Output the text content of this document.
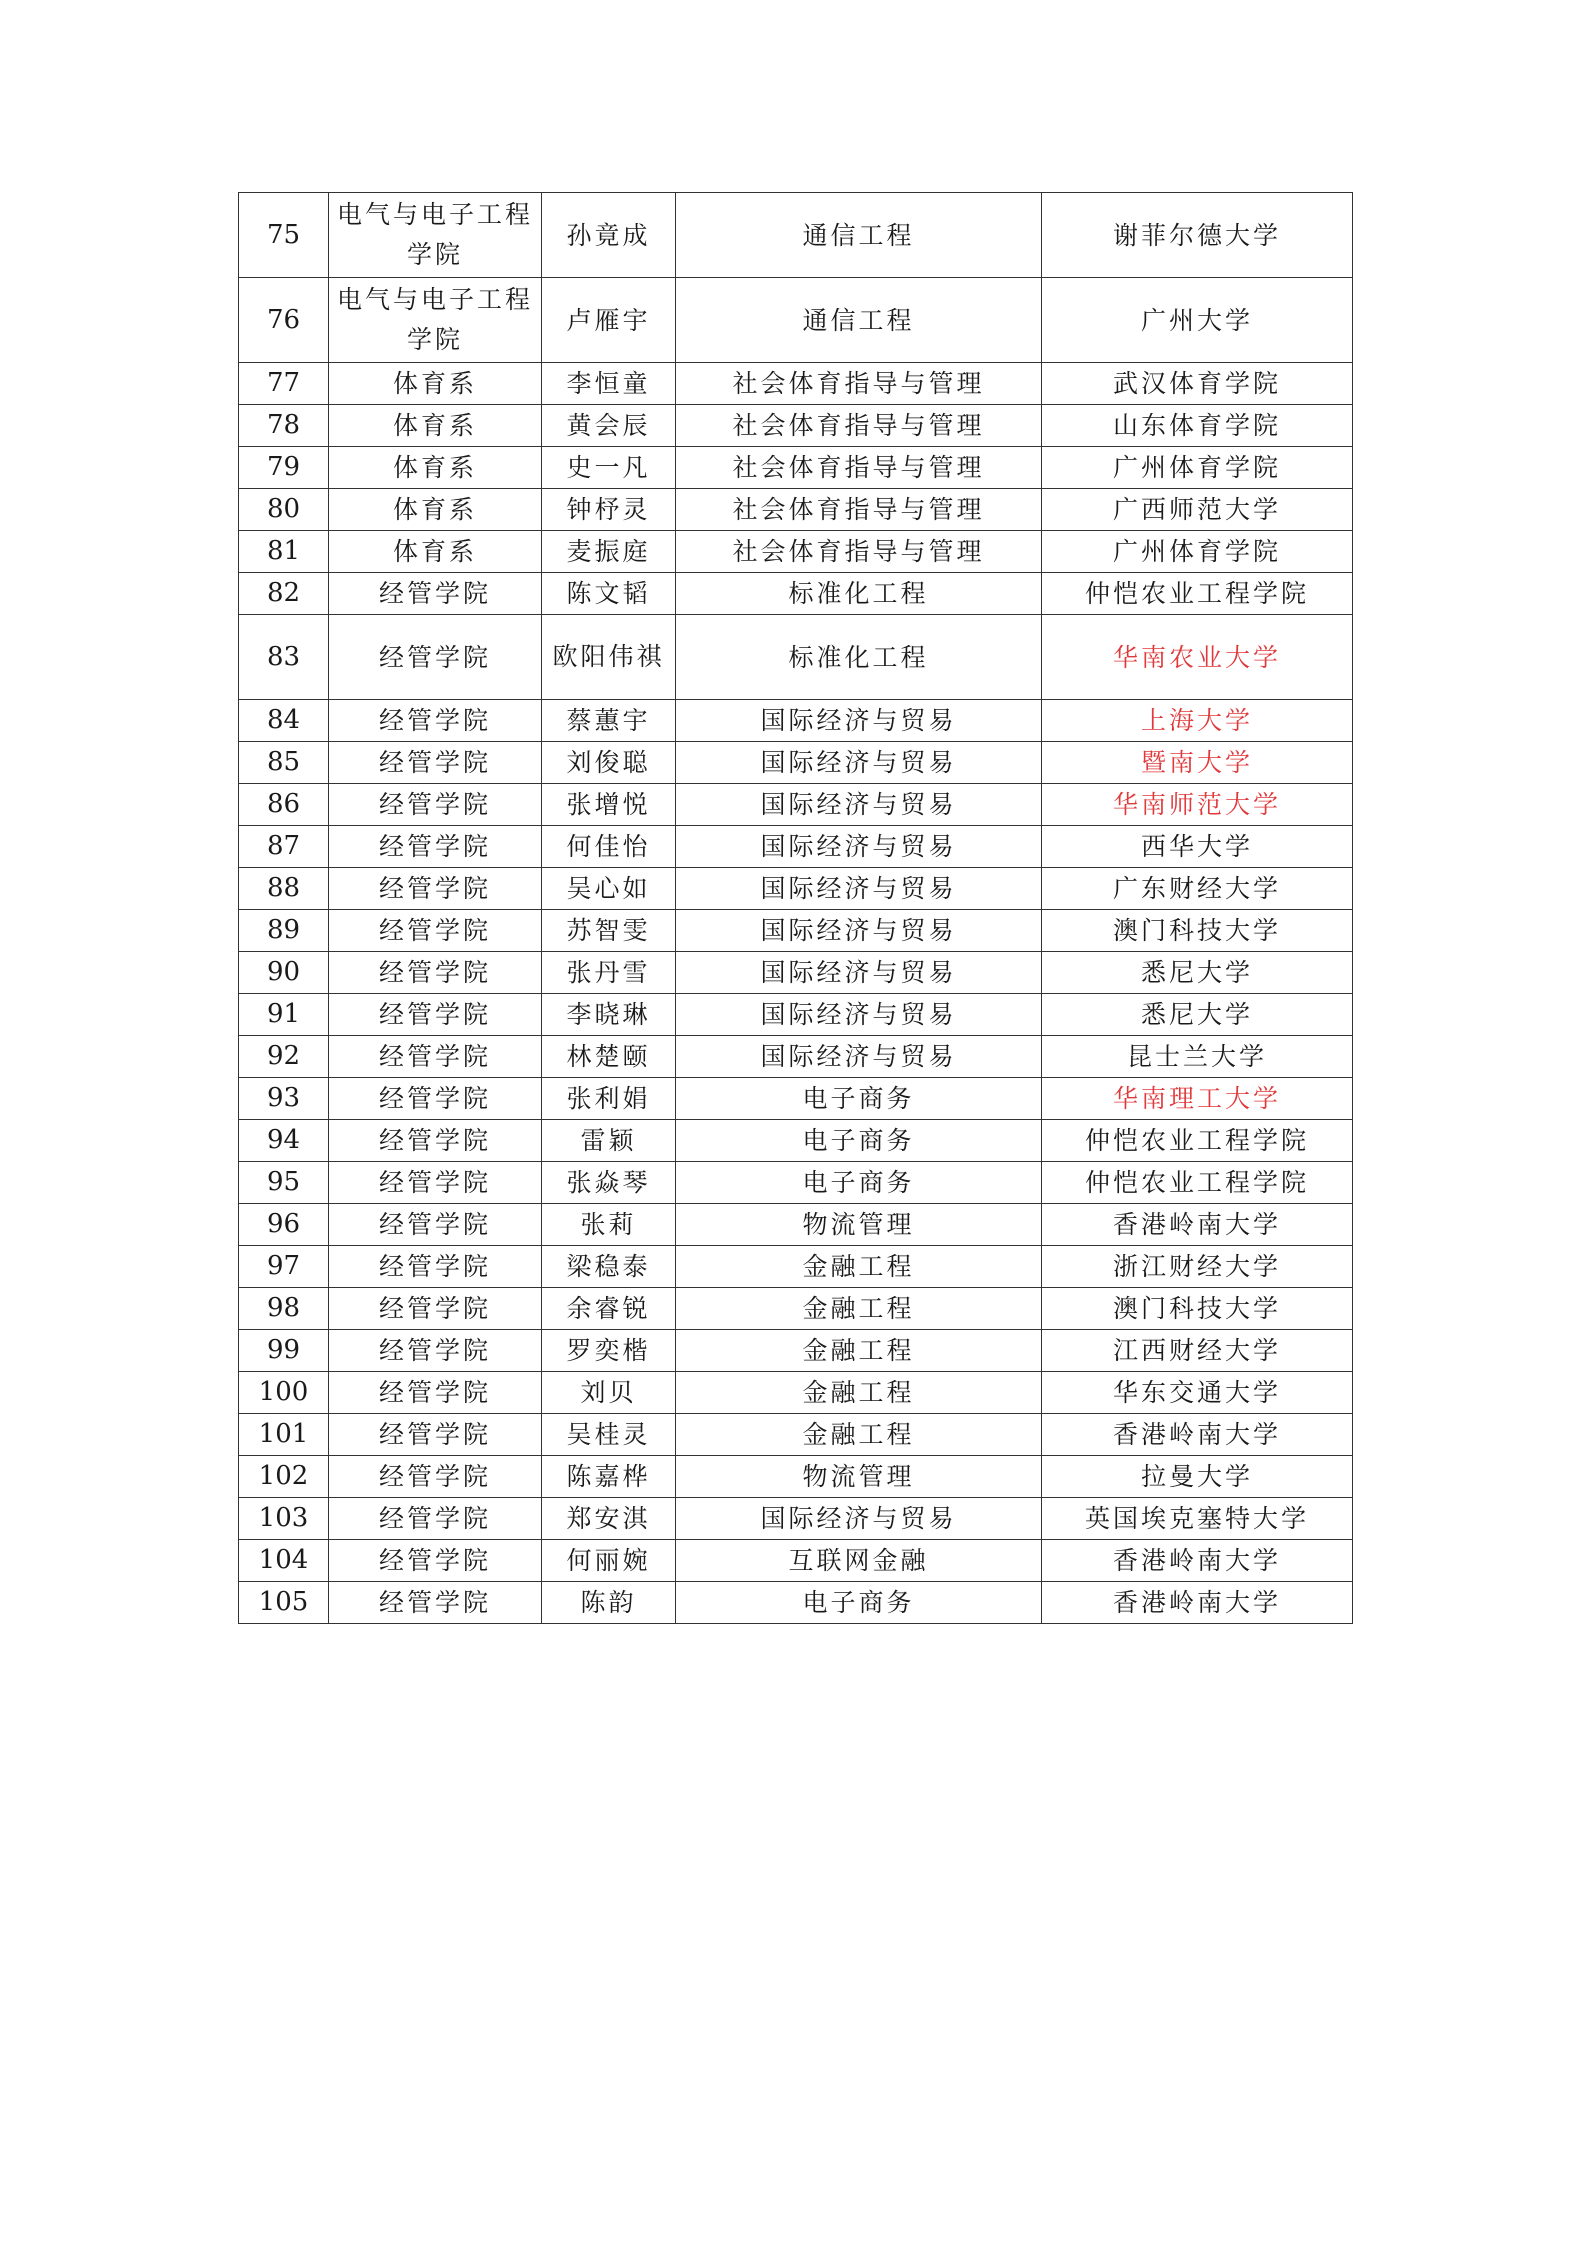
75	电气与电子工程学院	孙竟成	通信工程	谢菲尔德大学
76	电气与电子工程学院	卢雁宇	通信工程	广州大学
77	体育系	李恒童	社会体育指导与管理	武汉体育学院
78	体育系	黄会辰	社会体育指导与管理	山东体育学院
79	体育系	史一凡	社会体育指导与管理	广州体育学院
80	体育系	钟杼灵	社会体育指导与管理	广西师范大学
81	体育系	麦振庭	社会体育指导与管理	广州体育学院
82	经管学院	陈文韬	标准化工程	仲恺农业工程学院
83	经管学院	欧阳伟祺	标准化工程	华南农业大学
84	经管学院	蔡蕙宇	国际经济与贸易	上海大学
85	经管学院	刘俊聪	国际经济与贸易	暨南大学
86	经管学院	张增悦	国际经济与贸易	华南师范大学
87	经管学院	何佳怡	国际经济与贸易	西华大学
88	经管学院	吴心如	国际经济与贸易	广东财经大学
89	经管学院	苏智雯	国际经济与贸易	澳门科技大学
90	经管学院	张丹雪	国际经济与贸易	悉尼大学
91	经管学院	李晓琳	国际经济与贸易	悉尼大学
92	经管学院	林楚颐	国际经济与贸易	昆士兰大学
93	经管学院	张利娟	电子商务	华南理工大学
94	经管学院	雷颖	电子商务	仲恺农业工程学院
95	经管学院	张焱琴	电子商务	仲恺农业工程学院
96	经管学院	张莉	物流管理	香港岭南大学
97	经管学院	梁稳泰	金融工程	浙江财经大学
98	经管学院	余睿锐	金融工程	澳门科技大学
99	经管学院	罗奕楷	金融工程	江西财经大学
100	经管学院	刘贝	金融工程	华东交通大学
101	经管学院	吴桂灵	金融工程	香港岭南大学
102	经管学院	陈嘉桦	物流管理	拉曼大学
103	经管学院	郑安淇	国际经济与贸易	英国埃克塞特大学
104	经管学院	何丽婉	互联网金融	香港岭南大学
105	经管学院	陈韵	电子商务	香港岭南大学
